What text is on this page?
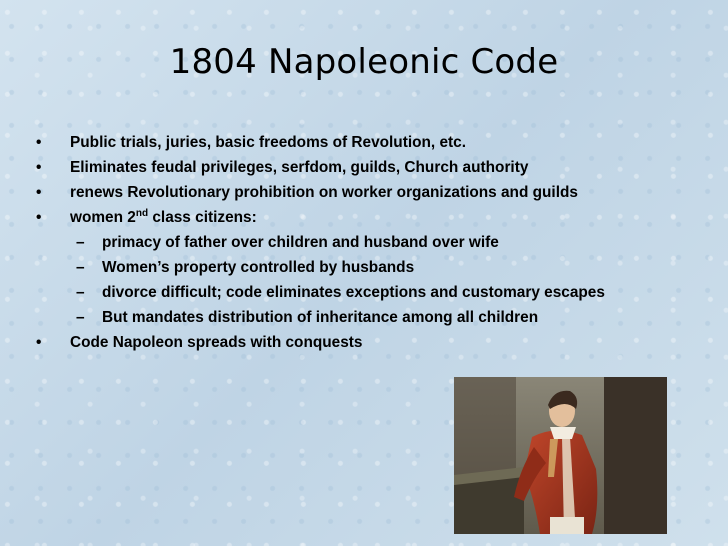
1804 Napoleonic Code
•	Public trials, juries, basic freedoms of Revolution, etc.
•	Eliminates feudal privileges, serfdom, guilds, Church authority
•	renews Revolutionary prohibition on worker organizations and guilds
•	women 2nd class citizens:
–	primacy of father over children and husband over wife
–	Women’s property controlled by husbands
–	divorce difficult; code eliminates exceptions and customary escapes
–	But mandates distribution of inheritance among all children
•	Code Napoleon spreads with conquests
